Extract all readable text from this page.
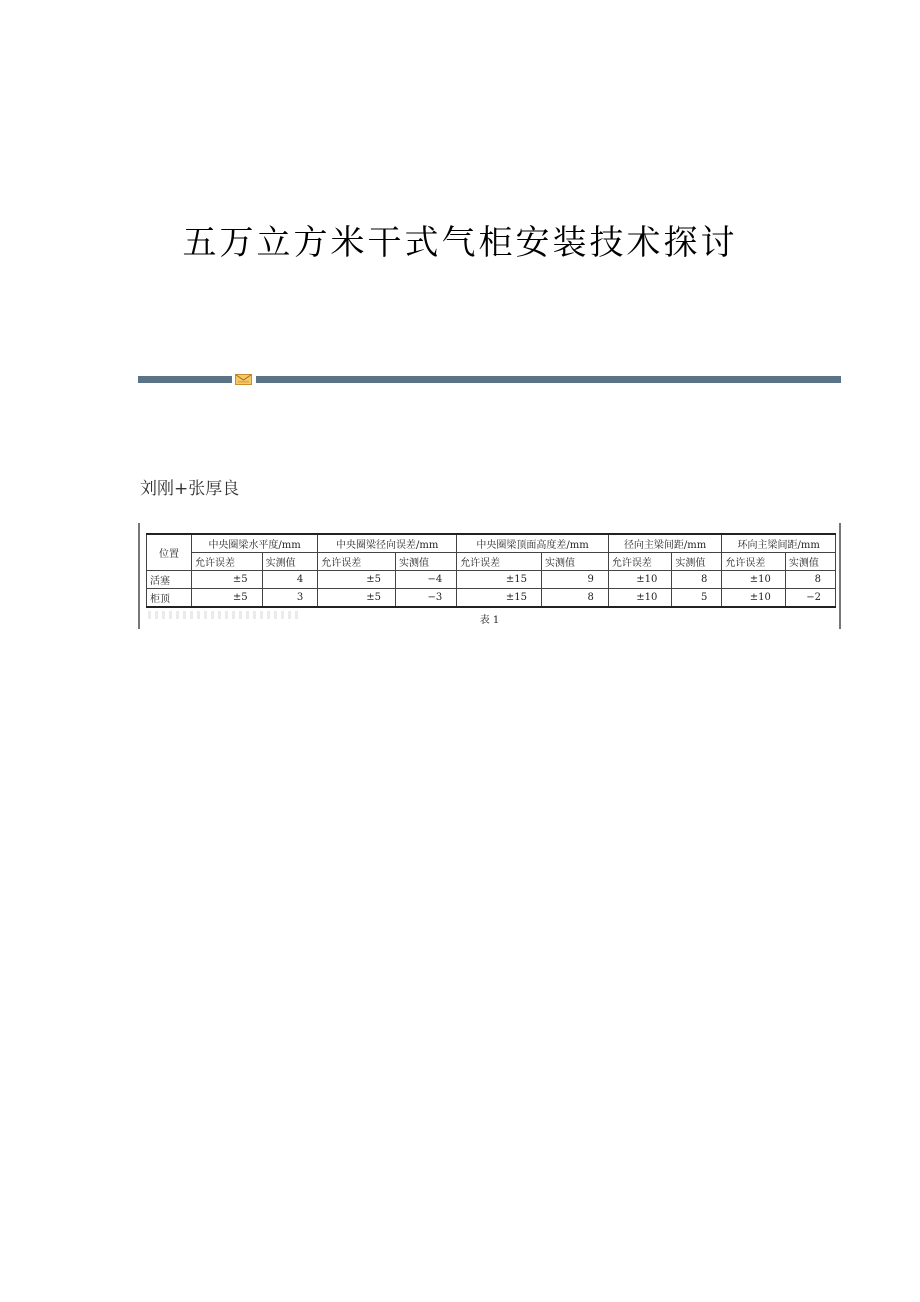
五万立方米干式气柜安装技术探讨

刘刚+张厚良

位置	中央圈梁水平度/mm		中央圈梁径向误差/mm		中央圈梁顶面高度差/mm		径向主梁间距/mm		环向主梁间距/mm	
	允许误差	实测值	允许误差	实测值	允许误差	实测值	允许误差	实测值	允许误差	实测值
活塞	±5	4	±5	−4	±15	9	±10	8	±10	8
柜顶	±5	3	±5	−3	±15	8	±10	5	±10	−2
表 1
